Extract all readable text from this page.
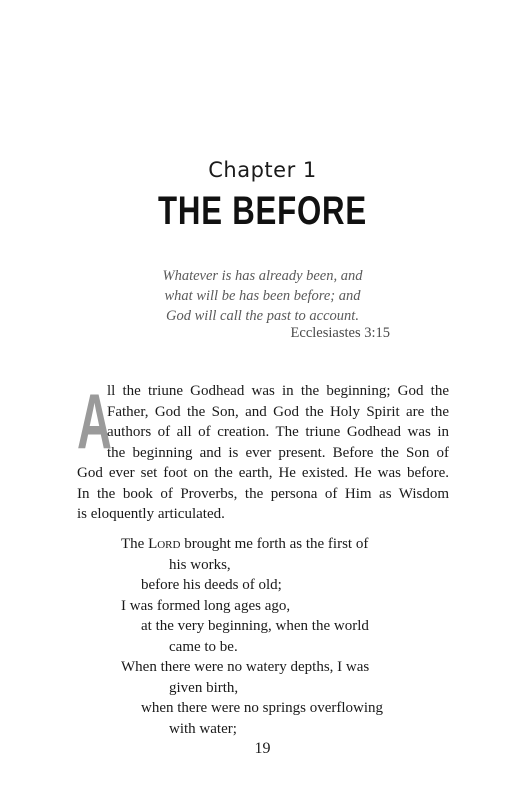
Chapter 1
THE BEFORE
Whatever is has already been, and
what will be has been before; and
God will call the past to account.
Ecclesiastes 3:15
A
ll the triune Godhead was in the beginning; God the
Father, God the Son, and God the Holy Spirit are the
authors of all of creation. The triune Godhead was in
the beginning and is ever present. Before the Son of
God ever set foot on the earth, He existed. He was before.
In the book of Proverbs, the persona of Him as Wisdom
is eloquently articulated.
The Lord brought me forth as the first of
his works,
before his deeds of old;
I was formed long ages ago,
at the very beginning, when the world
came to be.
When there were no watery depths, I was
given birth,
when there were no springs overflowing
with water;
19
